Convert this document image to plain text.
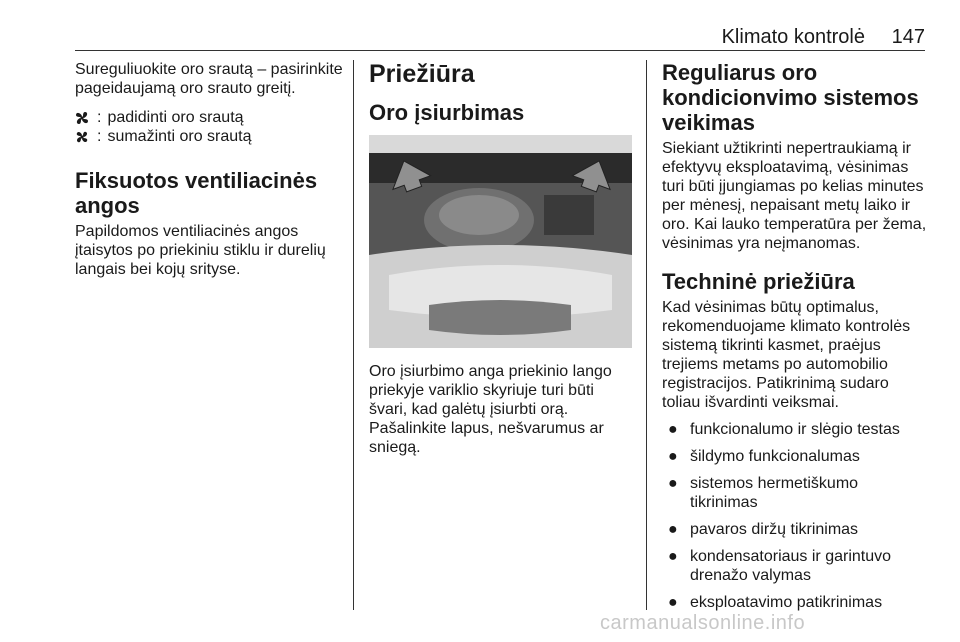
Klimato kontrolė 147

Sureguliuokite oro srautą – pasirinkite pageidaujamą oro srauto greitį.

: padidinti oro srautą
: sumažinti oro srautą
Fiksuotos ventiliacinės angos

Papildomos ventiliacinės angos įtaisytos po priekiniu stiklu ir durelių langais bei kojų srityse.

Priežiūra
Oro įsiurbimas

Oro įsiurbimo anga priekinio lango priekyje variklio skyriuje turi būti švari, kad galėtų įsiurbti orą. Pašalinkite lapus, nešvarumus ar sniegą.

Reguliarus oro kondicionvimo sistemos veikimas

Siekiant užtikrinti nepertraukiamą ir efektyvų eksploatavimą, vėsinimas turi būti įjungiamas po kelias minutes per mėnesį, nepaisant metų laiko ir oro. Kai lauko temperatūra per žema, vėsinimas yra neįmanomas.

Techninė priežiūra

Kad vėsinimas būtų optimalus, rekomenduojame klimato kontrolės sistemą tikrinti kasmet, praėjus trejiems metams po automobilio registracijos. Patikrinimą sudaro toliau išvardinti veiksmai.

● funkcionalumo ir slėgio testas
● šildymo funkcionalumas
● sistemos hermetiškumo tikrinimas
● pavaros diržų tikrinimas
● kondensatoriaus ir garintuvo drenažo valymas
● eksploatavimo patikrinimas
carmanualsonline.info
